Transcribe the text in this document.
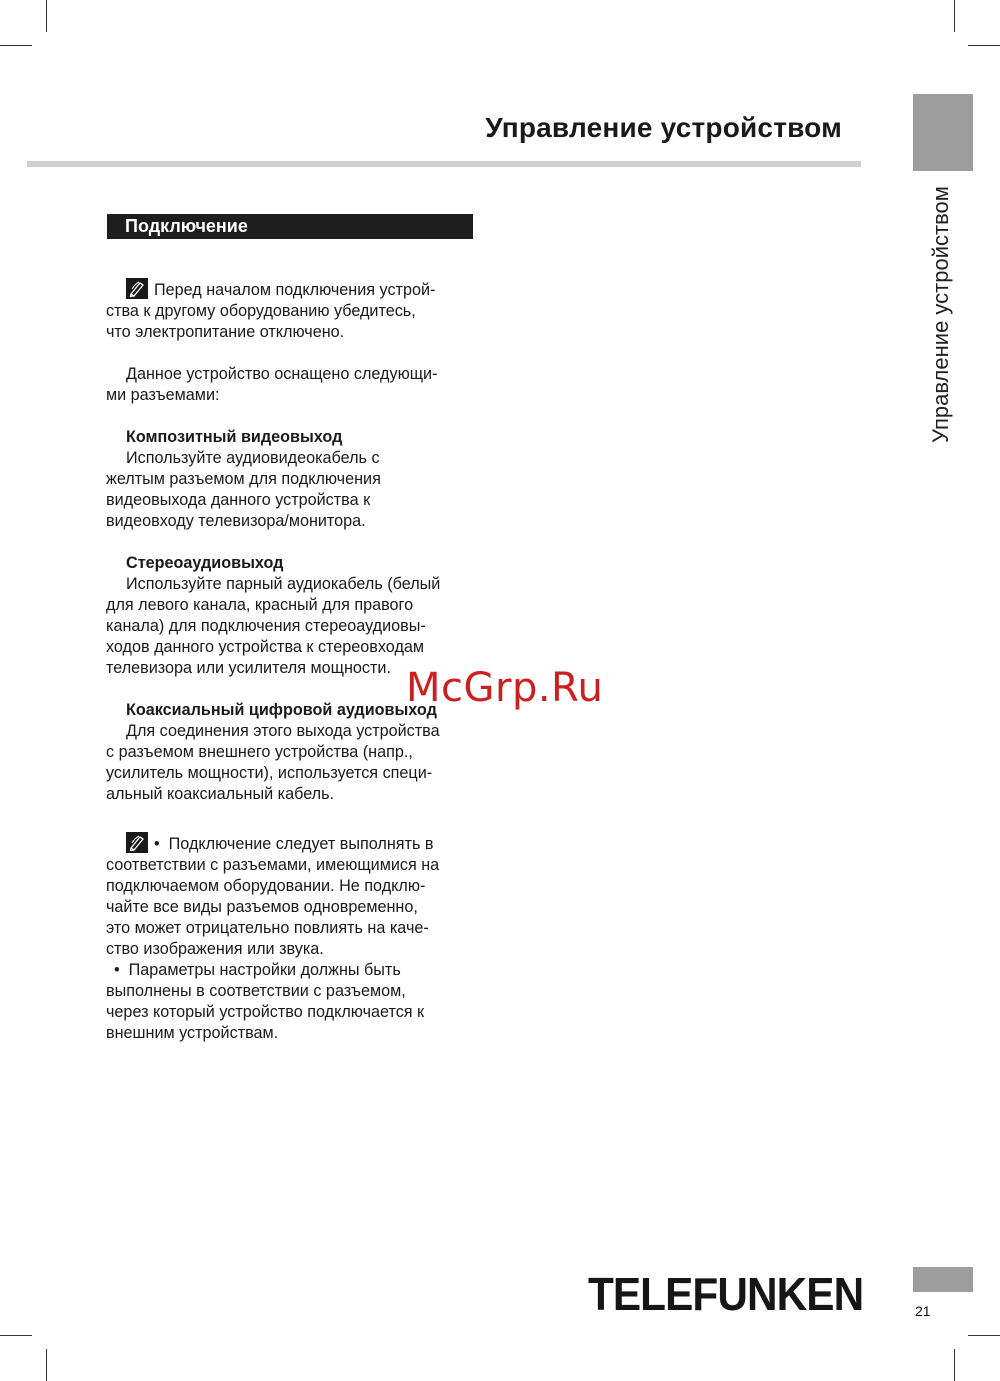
Управление устройством
Управление устройством
Подключение

Перед началом подключения устрой-

ства к другому оборудованию убедитесь,

что электропитание отключено.

Данное устройство оснащено следующи-

ми разъемами:

Композитный видеовыход

Используйте аудиовидеокабель с

желтым разъемом для подключения

видеовыхода данного устройства к

видеовходу телевизора/монитора.

Стереоаудиовыход

Используйте парный аудиокабель (белый

для левого канала, красный для правого

канала) для подключения стереоаудиовы-

ходов данного устройства к стереовходам

телевизора или усилителя мощности.

Коаксиальный цифровой аудиовыход

Для соединения этого выхода устройства

с разъемом внешнего устройства (напр.,

усилитель мощности), используется специ-

альный коаксиальный кабель.

•  Подключение следует выполнять в

соответствии с разъемами, имеющимися на

подключаемом оборудовании. Не подклю-

чайте все виды разъемов одновременно,

это может отрицательно повлиять на каче-

ство изображения или звука.

•  Параметры настройки должны быть

выполнены в соответствии с разъемом,

через который устройство подключается к

внешним устройствам.

McGrp.Ru
TELEFUNKEN	21
